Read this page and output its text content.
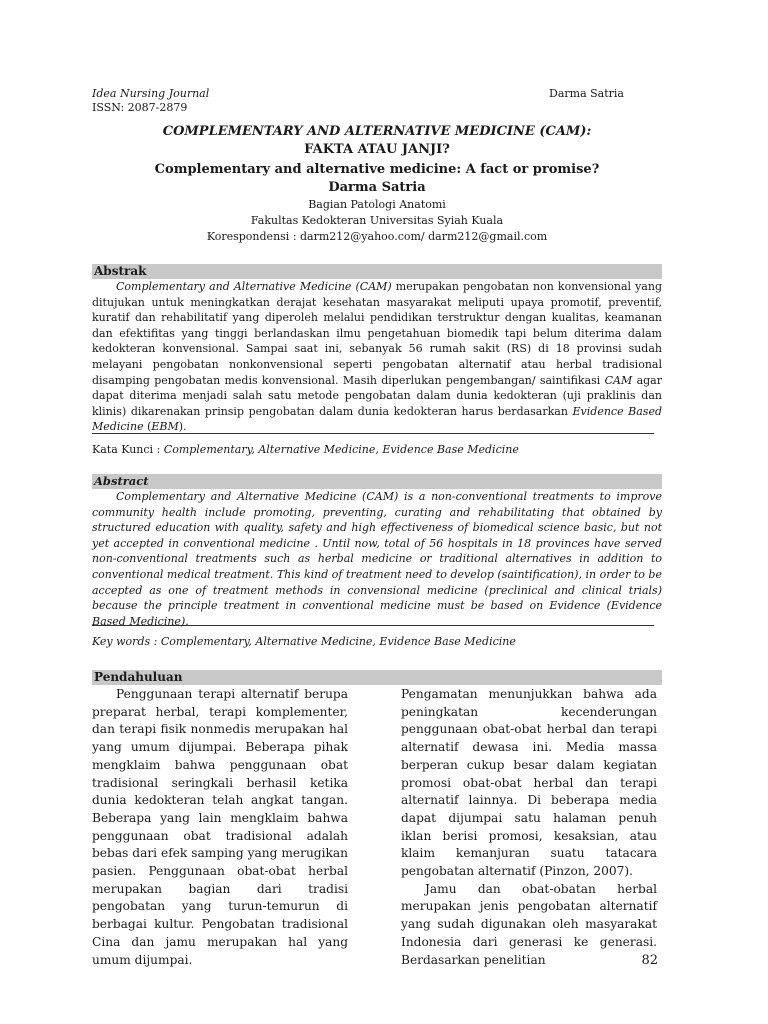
Idea Nursing Journal
ISSN: 2087-2879
Darma Satria
COMPLEMENTARY AND ALTERNATIVE MEDICINE (CAM):
FAKTA ATAU JANJI?
Complementary and alternative medicine: A fact or promise?
Darma Satria
Bagian Patologi Anatomi
Fakultas Kedokteran Universitas Syiah Kuala
Korespondensi : darm212@yahoo.com/ darm212@gmail.com
Abstrak
Complementary and Alternative Medicine (CAM) merupakan pengobatan non konvensional yang ditujukan untuk meningkatkan derajat kesehatan masyarakat meliputi upaya promotif, preventif, kuratif dan rehabilitatif yang diperoleh melalui pendidikan terstruktur dengan kualitas, keamanan dan efektifitas yang tinggi berlandaskan ilmu pengetahuan biomedik tapi belum diterima dalam kedokteran konvensional. Sampai saat ini, sebanyak 56 rumah sakit (RS) di 18 provinsi sudah melayani pengobatan nonkonvensional seperti pengobatan alternatif atau herbal tradisional disamping pengobatan medis konvensional. Masih diperlukan pengembangan/ saintifikasi CAM agar dapat diterima menjadi salah satu metode pengobatan dalam dunia kedokteran (uji praklinis dan klinis) dikarenakan prinsip pengobatan dalam dunia kedokteran harus berdasarkan Evidence Based Medicine (EBM).
Kata Kunci : Complementary, Alternative Medicine, Evidence Base Medicine
Abstract
Complementary and Alternative Medicine (CAM) is a non-conventional treatments to improve community health include promoting, preventing, curating and rehabilitating that obtained by structured education with quality, safety and high effectiveness of biomedical science basic, but not yet accepted in conventional medicine . Until now, total of 56 hospitals in 18 provinces have served non-conventional treatments such as herbal medicine or traditional alternatives in addition to conventional medical treatment. This kind of treatment need to develop (saintification), in order to be accepted as one of treatment methods in convensional medicine (preclinical and clinical trials) because the principle treatment in conventional medicine must be based on Evidence (Evidence Based Medicine).
Key words : Complementary, Alternative Medicine, Evidence Base Medicine
Pendahuluan

Penggunaan terapi alternatif berupa preparat herbal, terapi komplementer, dan terapi fisik nonmedis merupakan hal yang umum dijumpai. Beberapa pihak mengklaim bahwa penggunaan obat tradisional seringkali berhasil ketika dunia kedokteran telah angkat tangan. Beberapa yang lain mengklaim bahwa penggunaan obat tradisional adalah bebas dari efek samping yang merugikan pasien. Penggunaan obat-obat herbal merupakan bagian dari tradisi pengobatan yang turun-temurun di berbagai kultur. Pengobatan tradisional Cina dan jamu merupakan hal yang umum dijumpai.

Pengamatan menunjukkan bahwa ada peningkatan kecenderungan penggunaan obat-obat herbal dan terapi alternatif dewasa ini. Media massa berperan cukup besar dalam kegiatan promosi obat-obat herbal dan terapi alternatif lainnya. Di beberapa media dapat dijumpai satu halaman penuh iklan berisi promosi, kesaksian, atau klaim kemanjuran suatu tatacara pengobatan alternatif (Pinzon, 2007).

Jamu dan obat-obatan herbal merupakan jenis pengobatan alternatif yang sudah digunakan oleh masyarakat Indonesia dari generasi ke generasi. Berdasarkan penelitian	82
